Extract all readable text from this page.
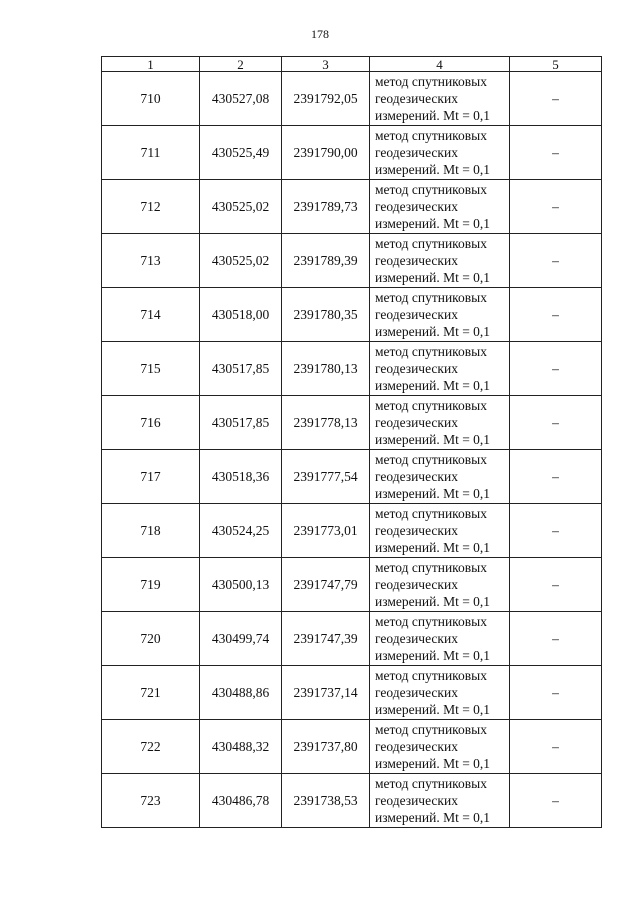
178
1	2	3	4	5
710	430527,08	2391792,05	метод спутниковых
геодезических
измерений. Mt = 0,1	–
711	430525,49	2391790,00	метод спутниковых
геодезических
измерений. Mt = 0,1	–
712	430525,02	2391789,73	метод спутниковых
геодезических
измерений. Mt = 0,1	–
713	430525,02	2391789,39	метод спутниковых
геодезических
измерений. Mt = 0,1	–
714	430518,00	2391780,35	метод спутниковых
геодезических
измерений. Mt = 0,1	–
715	430517,85	2391780,13	метод спутниковых
геодезических
измерений. Mt = 0,1	–
716	430517,85	2391778,13	метод спутниковых
геодезических
измерений. Mt = 0,1	–
717	430518,36	2391777,54	метод спутниковых
геодезических
измерений. Mt = 0,1	–
718	430524,25	2391773,01	метод спутниковых
геодезических
измерений. Mt = 0,1	–
719	430500,13	2391747,79	метод спутниковых
геодезических
измерений. Mt = 0,1	–
720	430499,74	2391747,39	метод спутниковых
геодезических
измерений. Mt = 0,1	–
721	430488,86	2391737,14	метод спутниковых
геодезических
измерений. Mt = 0,1	–
722	430488,32	2391737,80	метод спутниковых
геодезических
измерений. Mt = 0,1	–
723	430486,78	2391738,53	метод спутниковых
геодезических
измерений. Mt = 0,1	–
